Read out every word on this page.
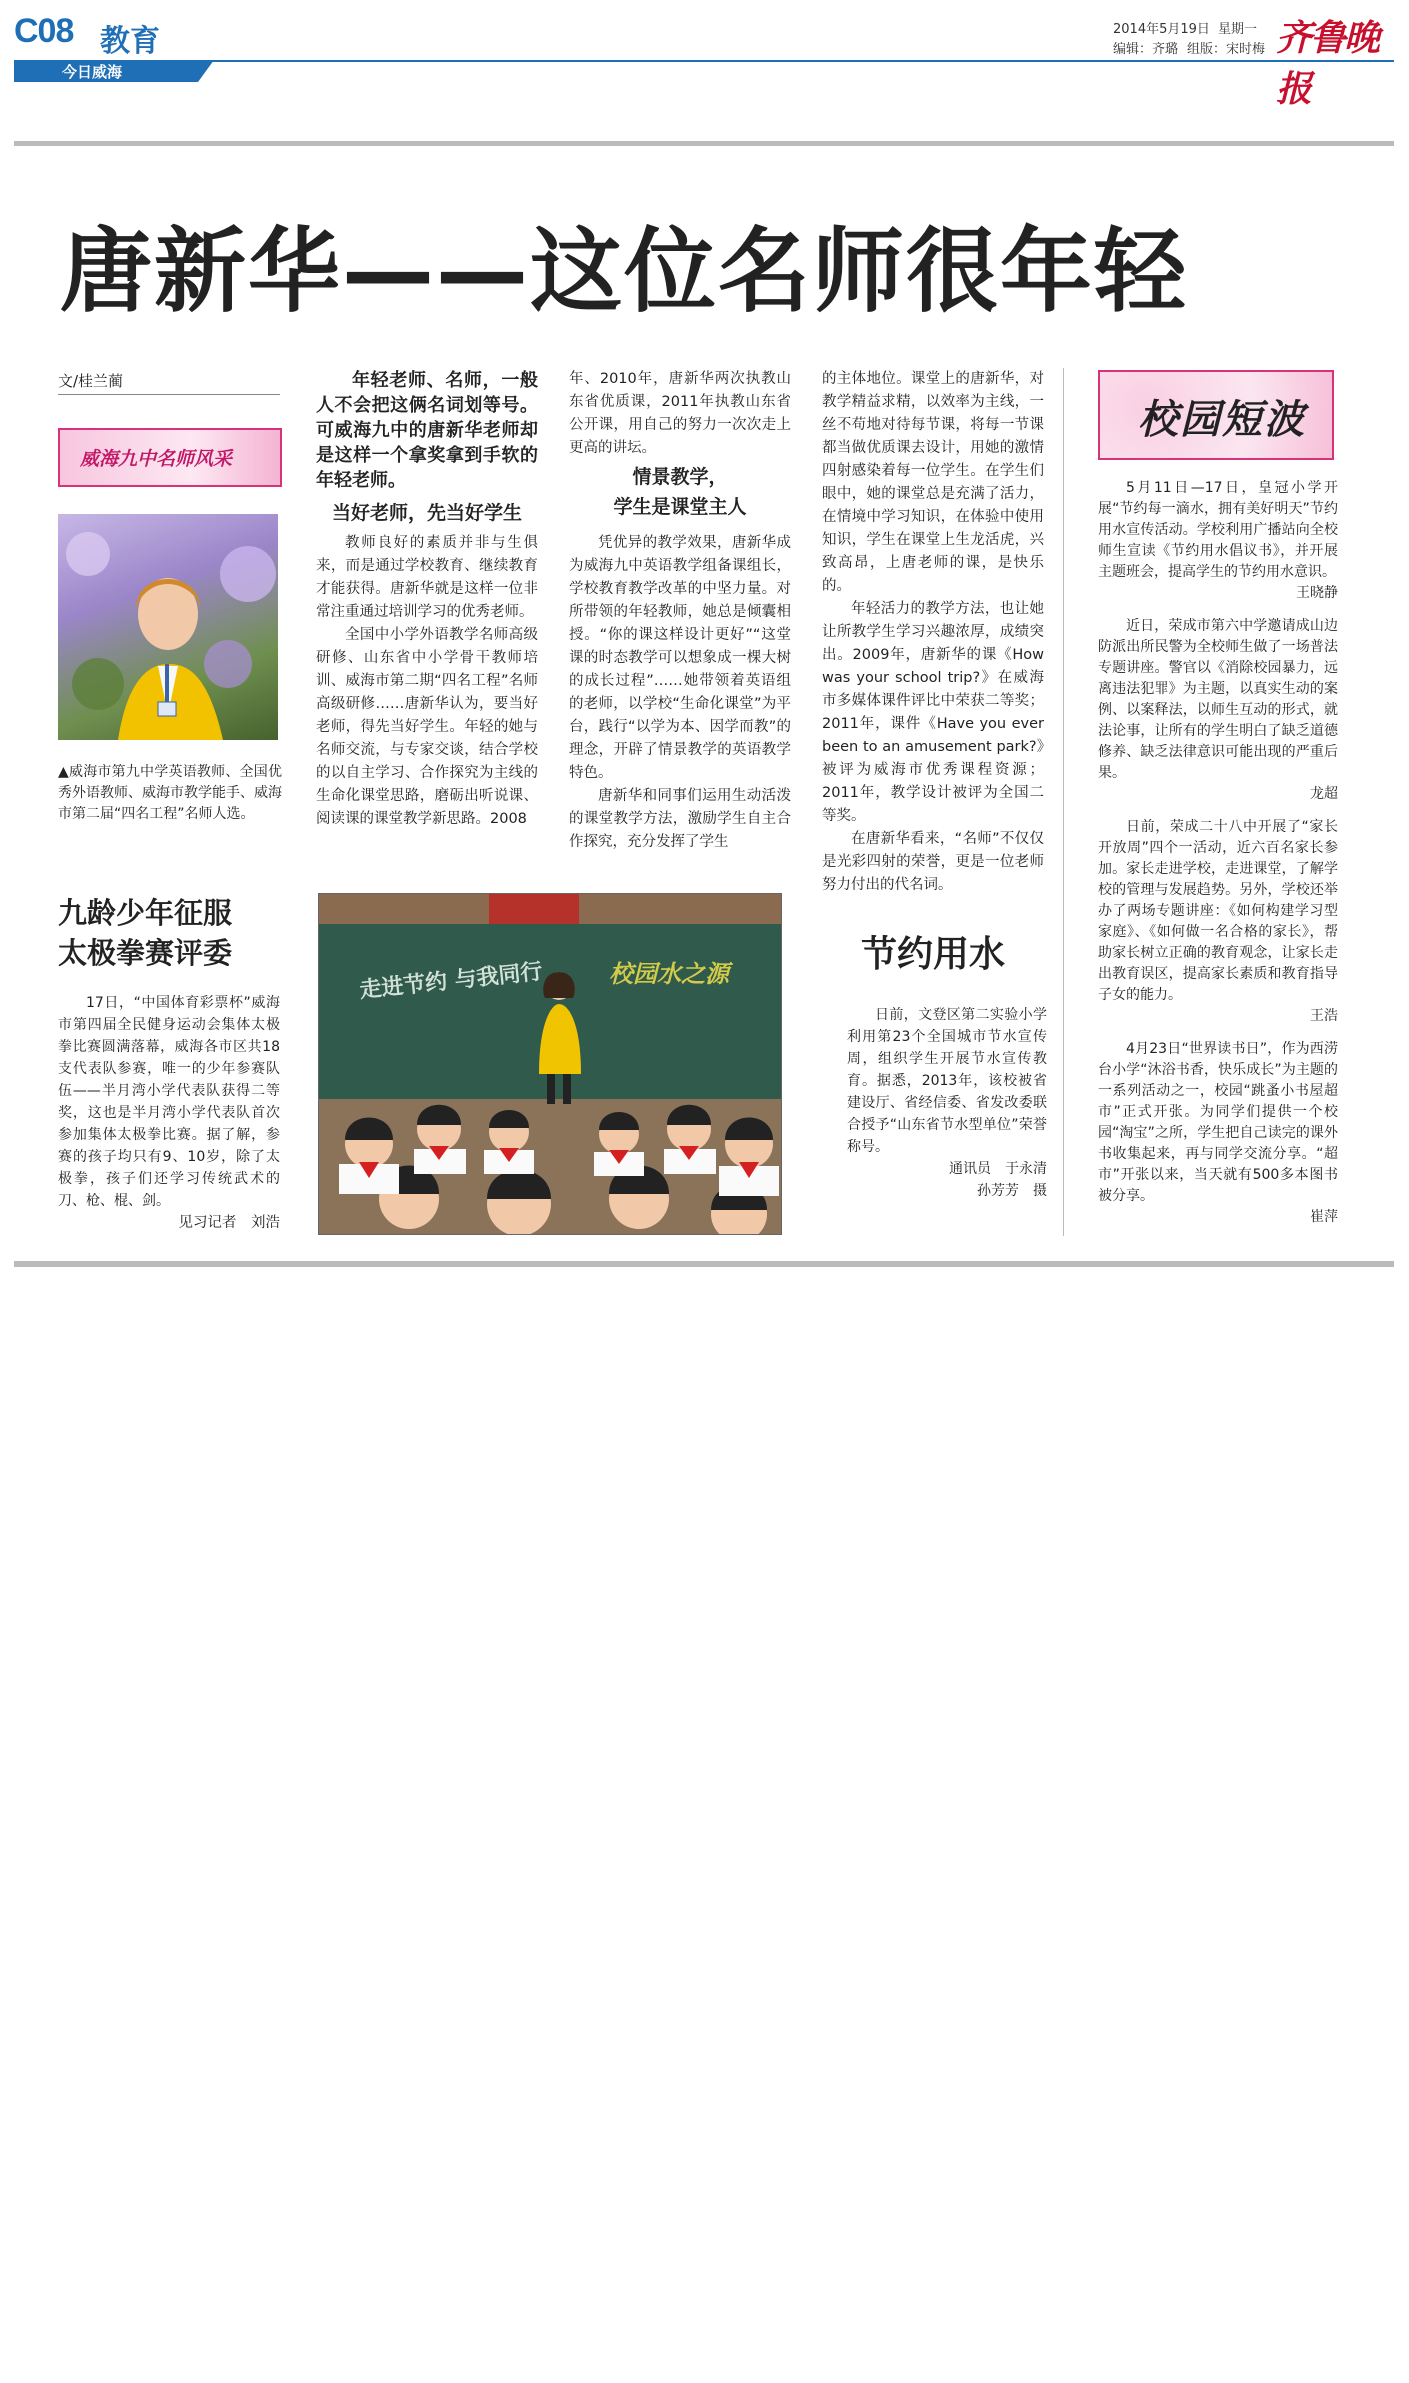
C08 教育
今日威海
2014年5月19日 星期一
编辑：齐璐 组版：宋时梅 齐鲁晚报
唐新华——这位名师很年轻
文/桂兰蔺
威海九中名师风采

▲威海市第九中学英语教师、全国优秀外语教师、威海市教学能手、威海市第二届“四名工程”名师人选。

年轻老师、名师，一般人不会把这俩名词划等号。可威海九中的唐新华老师却是这样一个拿奖拿到手软的年轻老师。

当好老师，先当好学生

教师良好的素质并非与生俱来，而是通过学校教育、继续教育才能获得。唐新华就是这样一位非常注重通过培训学习的优秀老师。

全国中小学外语教学名师高级研修、山东省中小学骨干教师培训、威海市第二期“四名工程”名师高级研修……唐新华认为，要当好老师，得先当好学生。年轻的她与名师交流，与专家交谈，结合学校的以自主学习、合作探究为主线的生命化课堂思路，磨砺出听说课、阅读课的课堂教学新思路。2008

年、2010年，唐新华两次执教山东省优质课，2011年执教山东省公开课，用自己的努力一次次走上更高的讲坛。

情景教学，
学生是课堂主人

凭优异的教学效果，唐新华成为威海九中英语教学组备课组长，学校教育教学改革的中坚力量。对所带领的年轻教师，她总是倾囊相授。“你的课这样设计更好”“这堂课的时态教学可以想象成一棵大树的成长过程”……她带领着英语组的老师，以学校“生命化课堂”为平台，践行“以学为本、因学而教”的理念，开辟了情景教学的英语教学特色。

唐新华和同事们运用生动活泼的课堂教学方法，激励学生自主合作探究，充分发挥了学生

的主体地位。课堂上的唐新华，对教学精益求精，以效率为主线，一丝不苟地对待每节课，将每一节课都当做优质课去设计，用她的激情四射感染着每一位学生。在学生们眼中，她的课堂总是充满了活力，在情境中学习知识，在体验中使用知识，学生在课堂上生龙活虎，兴致高昂，上唐老师的课，是快乐的。

年轻活力的教学方法，也让她让所教学生学习兴趣浓厚，成绩突出。2009年，唐新华的课《How was your school trip?》在威海市多媒体课件评比中荣获二等奖；2011年，课件《Have you ever been to an amusement park?》被评为威海市优秀课程资源；2011年，教学设计被评为全国二等奖。

在唐新华看来，“名师”不仅仅是光彩四射的荣誉，更是一位老师努力付出的代名词。

九龄少年征服
太极拳赛评委

17日，“中国体育彩票杯”威海市第四届全民健身运动会集体太极拳比赛圆满落幕，威海各市区共18支代表队参赛，唯一的少年参赛队伍——半月湾小学代表队获得二等奖，这也是半月湾小学代表队首次参加集体太极拳比赛。据了解，参赛的孩子均只有9、10岁，除了太极拳，孩子们还学习传统武术的刀、枪、棍、剑。

见习记者　刘浩
走进节约 与我同行	校园水之源	节约用水

日前，文登区第二实验小学利用第23个全国城市节水宣传周，组织学生开展节水宣传教育。据悉，2013年，该校被省建设厅、省经信委、省发改委联合授予“山东省节水型单位”荣誉称号。

通讯员　于永清
孙芳芳　摄
校园短波

5月11日—17日，皇冠小学开展“节约每一滴水，拥有美好明天”节约用水宣传活动。学校利用广播站向全校师生宣读《节约用水倡议书》，并开展主题班会，提高学生的节约用水意识。

王晓静

近日，荣成市第六中学邀请成山边防派出所民警为全校师生做了一场普法专题讲座。警官以《消除校园暴力，远离违法犯罪》为主题，以真实生动的案例、以案释法，以师生互动的形式，就法论事，让所有的学生明白了缺乏道德修养、缺乏法律意识可能出现的严重后果。

龙超

日前，荣成二十八中开展了“家长开放周”四个一活动，近六百名家长参加。家长走进学校，走进课堂，了解学校的管理与发展趋势。另外，学校还举办了两场专题讲座：《如何构建学习型家庭》、《如何做一名合格的家长》，帮助家长树立正确的教育观念，让家长走出教育误区，提高家长素质和教育指导子女的能力。

王浩

4月23日“世界读书日”，作为西涝台小学“沐浴书香，快乐成长”为主题的一系列活动之一，校园“跳蚤小书屋超市”正式开张。为同学们提供一个校园“淘宝”之所，学生把自己读完的课外书收集起来，再与同学交流分享。“超市”开张以来，当天就有500多本图书被分享。

崔萍
